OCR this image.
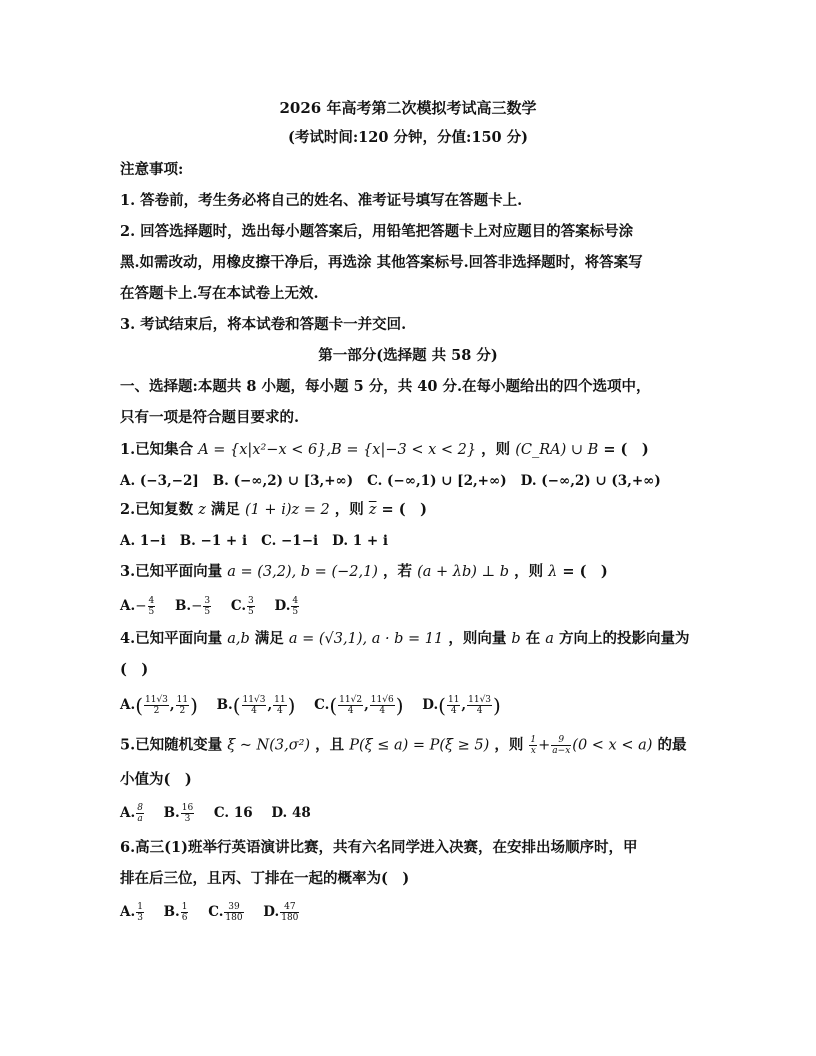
2026 年高考第二次模拟考试高三数学
(考试时间:120 分钟，分值:150 分)
注意事项:
1. 答卷前，考生务必将自己的姓名、准考证号填写在答题卡上.
2. 回答选择题时，选出每小题答案后，用铅笔把答题卡上对应题目的答案标号涂
黑.如需改动，用橡皮擦干净后，再选涂 其他答案标号.回答非选择题时，将答案写
在答题卡上.写在本试卷上无效.
3. 考试结束后，将本试卷和答题卡一并交回.
第一部分(选择题 共 58 分)
一、选择题:本题共 8 小题，每小题 5 分，共 40 分.在每小题给出的四个选项中，
只有一项是符合题目要求的.
1.已知集合 A = {x|x²−x < 6},B = {x|−3 < x < 2} ，则 (C_RA) ∪ B = (　)
A. (−3,−2] B. (−∞,2) ∪ [3,+∞) C. (−∞,1) ∪ [2,+∞) D. (−∞,2) ∪ (3,+∞)
2.已知复数 z 满足 (1 + i)z = 2 ，则 $\overline{z}$ = (　)
A. 1−i B. −1 + i C. −1−i D. 1 + i
3.已知平面向量 a = (3,2), b = (−2,1) ，若 (a + λb) ⊥ b ，则 λ = (　)
$A.- \frac{4}{5} B.- \frac{3}{5} C$. $\frac{3}{5} D$. $\frac{4}{5}$
4.已知平面向量 a,b 满足 a = (√3,1), a · b = 11 ，则向量 b 在 a 方向上的投影向量为
(　)
$A.( \frac{11√3}{2}$ , $\frac{11}{2}$ ) $B.( \frac{11√3}{4}$ , $\frac{11}{4}$ ) $C.( \frac{11√2}{4}$ , $\frac{11√6}{4}$ ) $D.( \frac{11}{4}$ , $\frac{11√3}{4}$ )
5.已知随机变量 ξ ~ N(3,σ²) ，且 P(ξ ≤ a) = P(ξ ≥ 5) ，则 $\frac{1}{x} + \frac{9}{a-x} (0 < x < a)$ 的最
小值为(　)
A. $\frac{8}{a} B$. $\frac{16}{3} C$. 16 D. 48
6.高三(1)班举行英语演讲比赛，共有六名同学进入决赛，在安排出场顺序时，甲
排在后三位，且丙、丁排在一起的概率为(　)
A. $\frac{1}{3} B$. $\frac{1}{6} C$. $\frac{39}{180} D$. $\frac{47}{180}$
